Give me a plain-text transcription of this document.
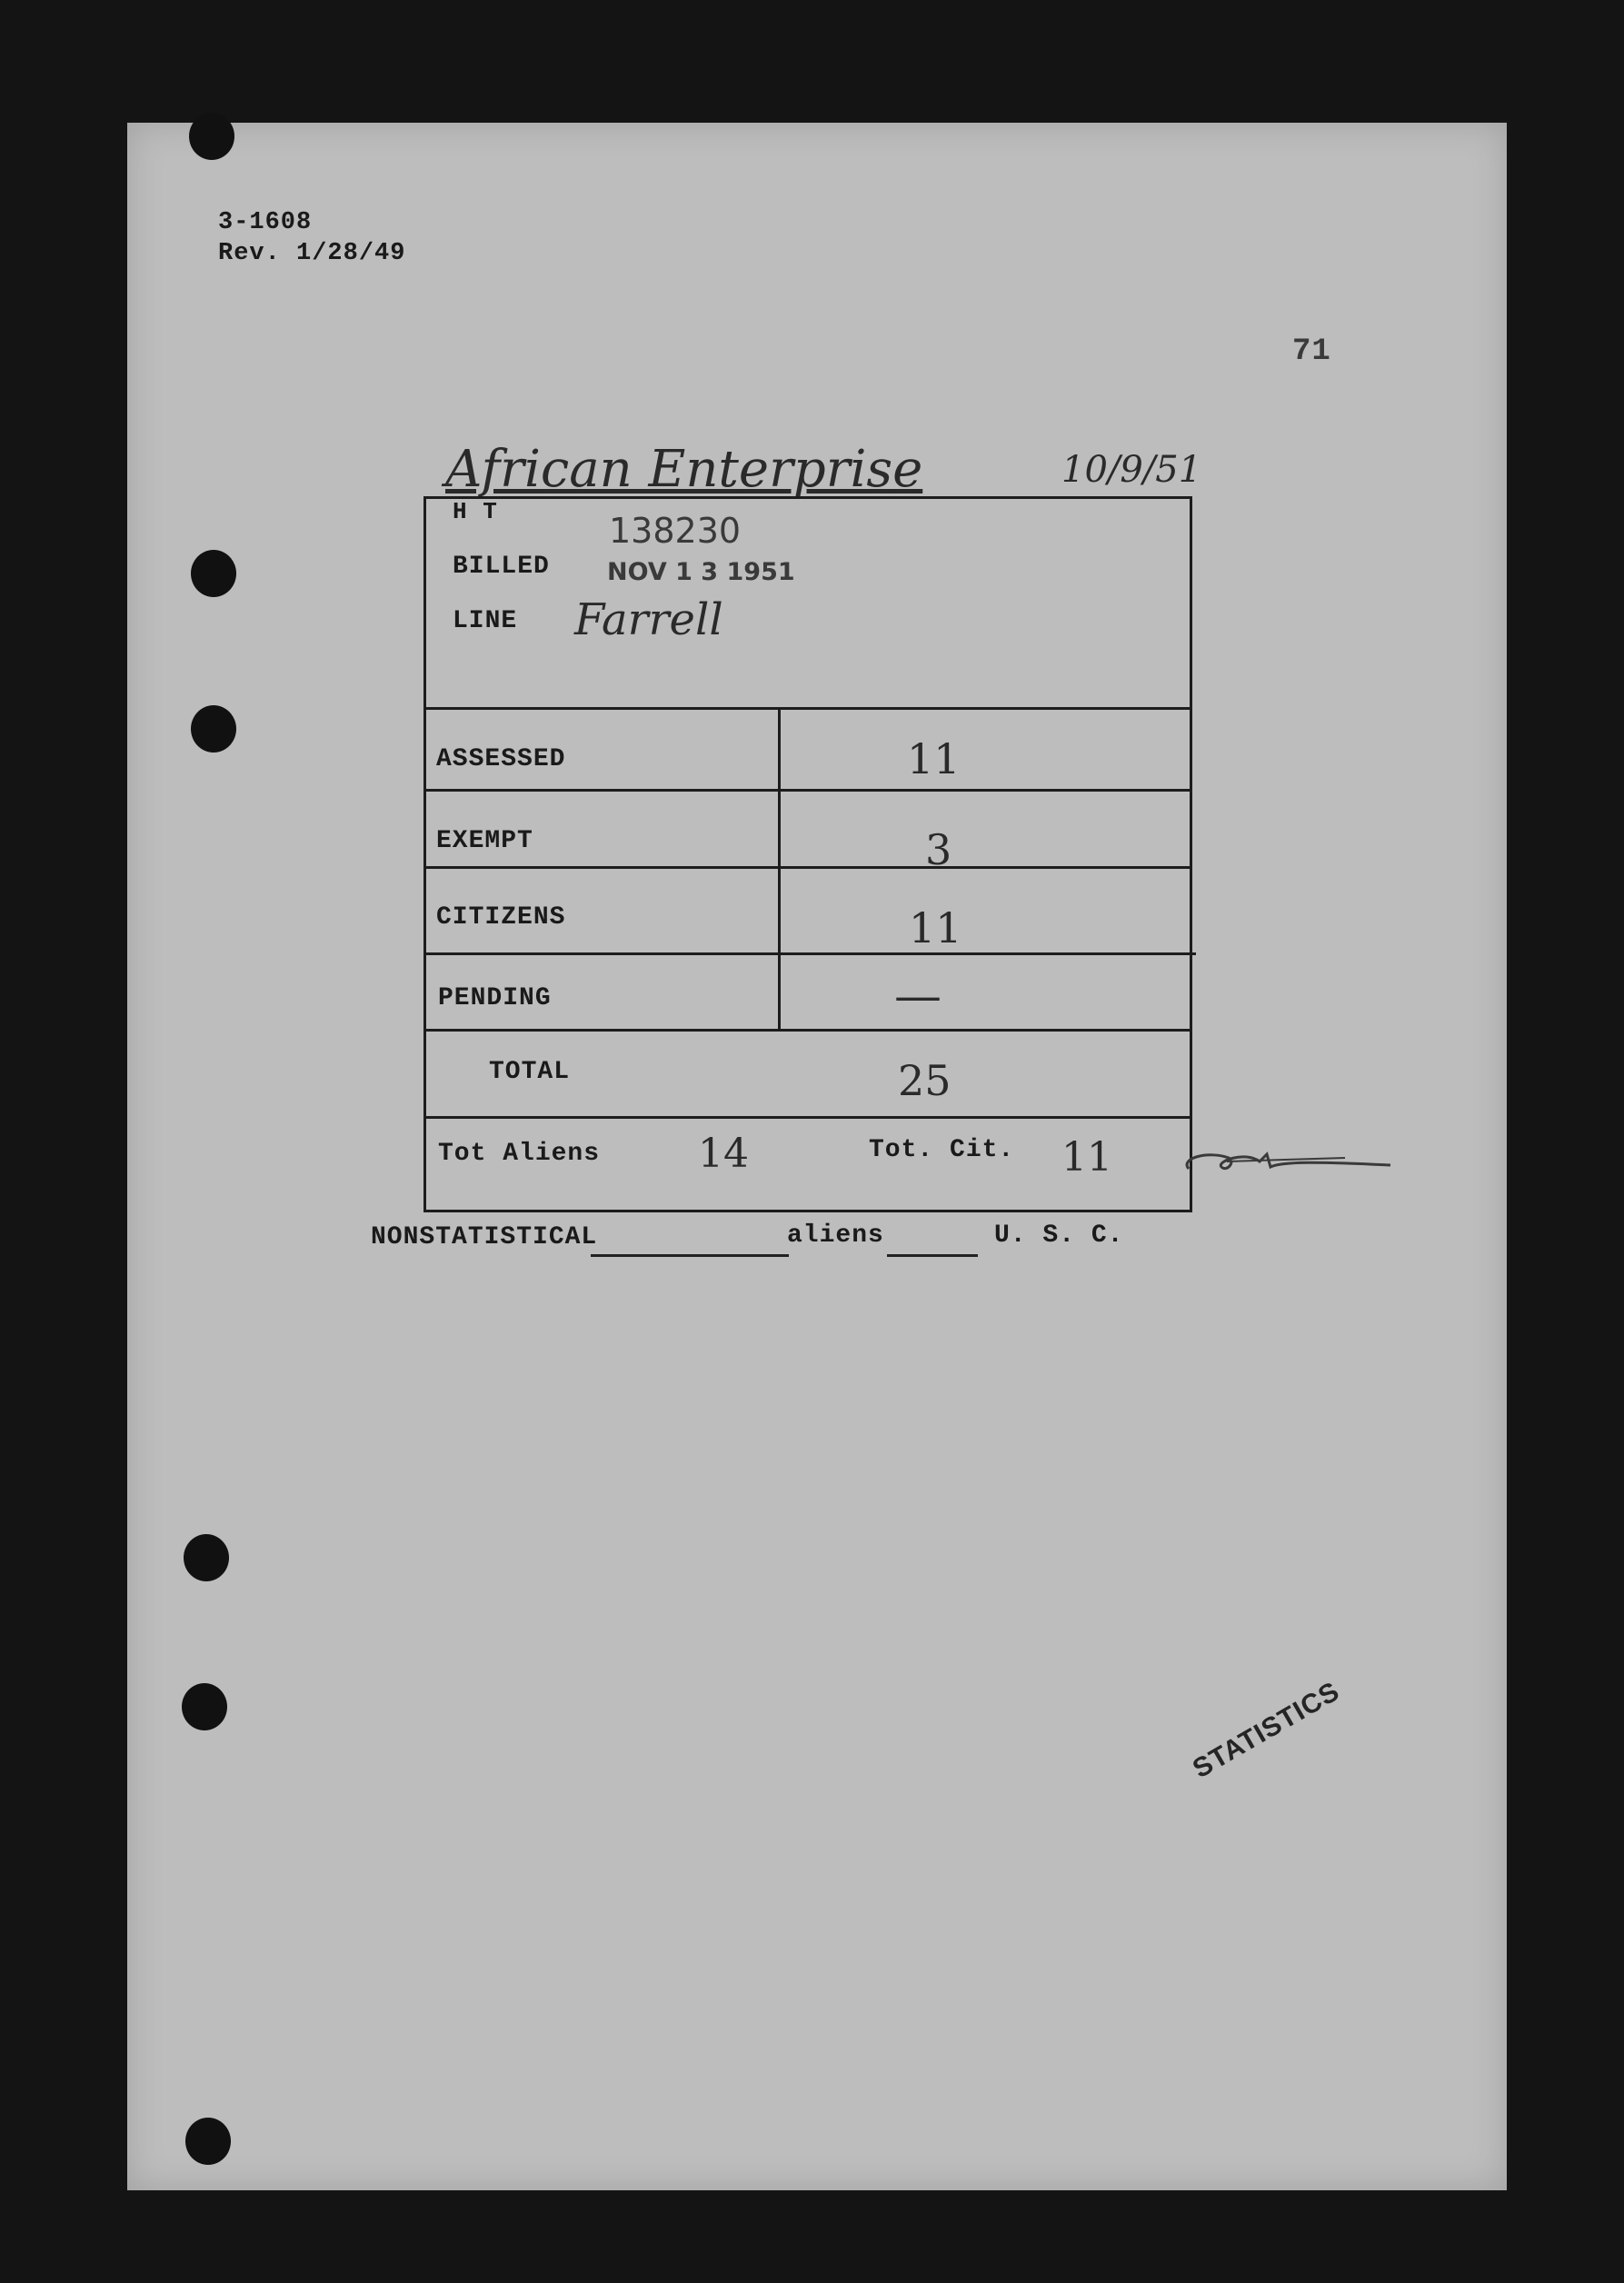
3-1608
Rev. 1/28/49
71
African Enterprise	10/9/51
H T	138230
BILLED NOV 1 3 1951
LINE Farrell
ASSESSED	11
EXEMPT	3
CITIZENS	11
PENDING	—
TOTAL	25
Tot Aliens 14	Tot. Cit. 11
NONSTATISTICAL	aliens	U. S. C.
STATISTICS
